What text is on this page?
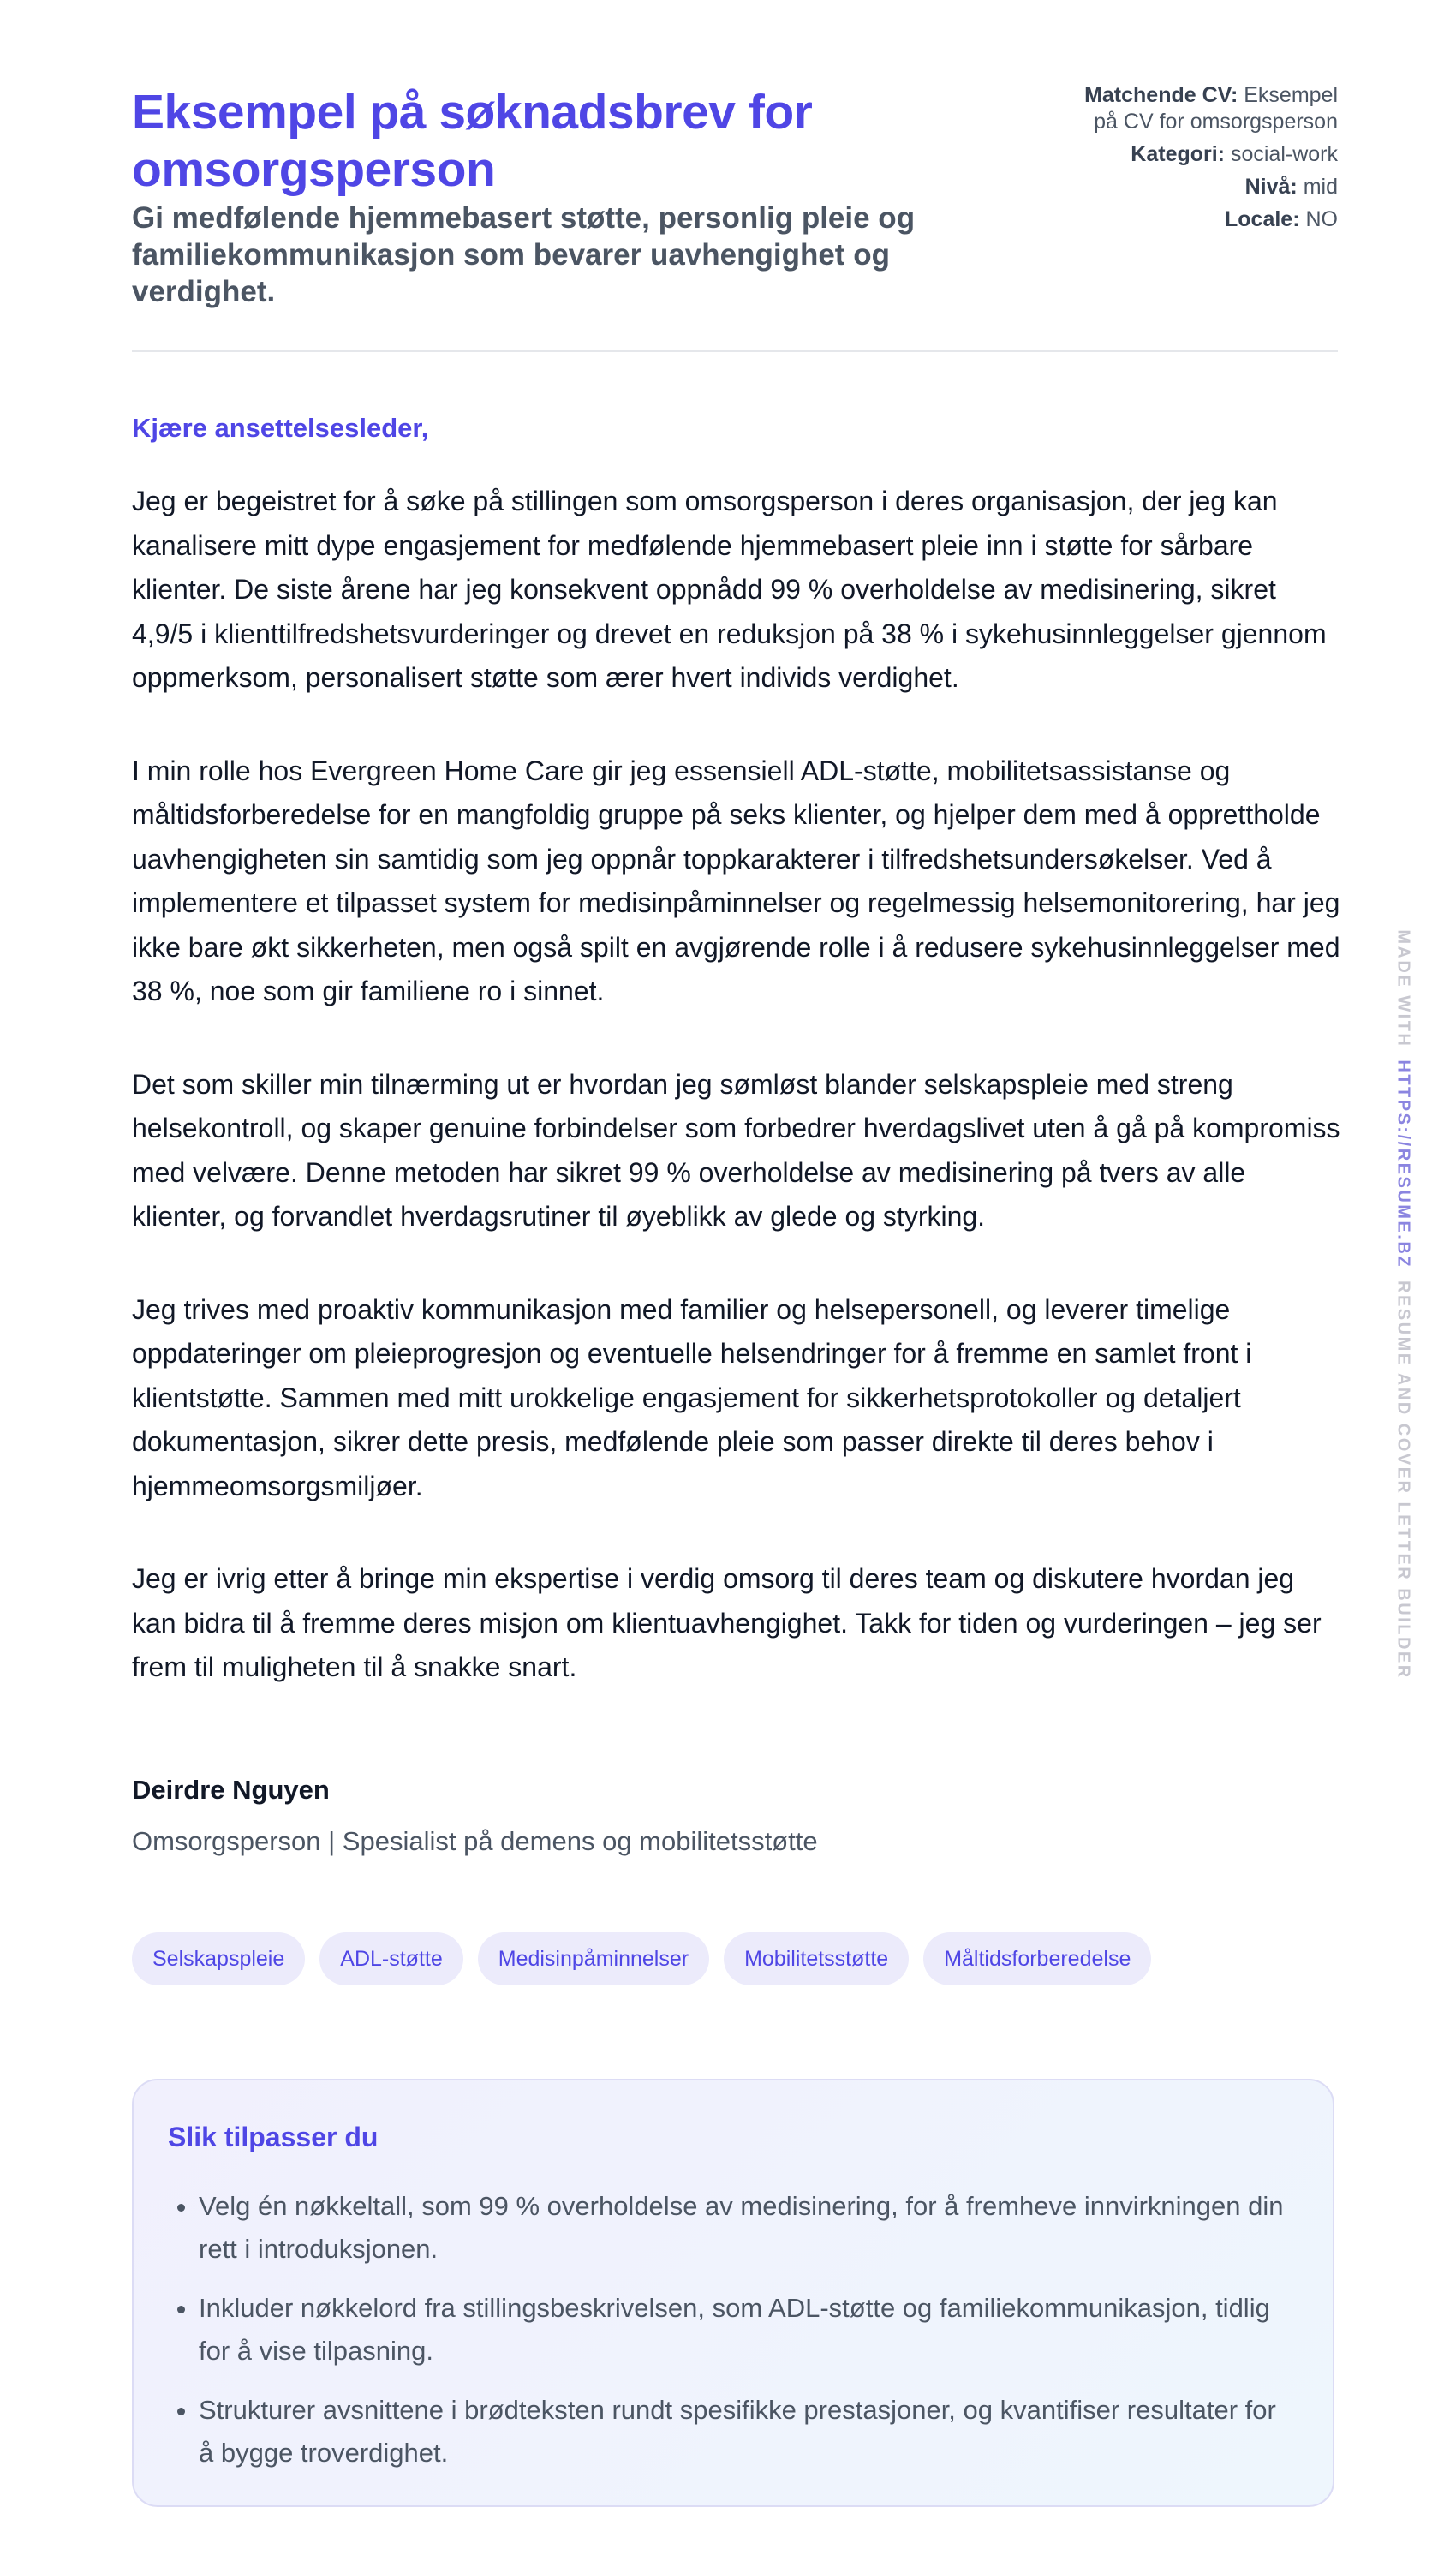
Eksempel på søknadsbrev for omsorgsperson
Gi medfølende hjemmebasert støtte, personlig pleie og familiekommunikasjon som bevarer uavhengighet og verdighet.
Matchende CV: Eksempel på CV for omsorgsperson
Kategori: social-work
Nivå: mid
Locale: NO
Kjære ansettelsesleder,

Jeg er begeistret for å søke på stillingen som omsorgsperson i deres organisasjon, der jeg kan kanalisere mitt dype engasjement for medfølende hjemmebasert pleie inn i støtte for sårbare klienter. De siste årene har jeg konsekvent oppnådd 99 % overholdelse av medisinering, sikret 4,9/5 i klienttilfredshetsvurderinger og drevet en reduksjon på 38 % i sykehusinnleggelser gjennom oppmerksom, personalisert støtte som ærer hvert individs verdighet.

I min rolle hos Evergreen Home Care gir jeg essensiell ADL-støtte, mobilitetsassistanse og måltidsforberedelse for en mangfoldig gruppe på seks klienter, og hjelper dem med å opprettholde uavhengigheten sin samtidig som jeg oppnår toppkarakterer i tilfredshetsundersøkelser. Ved å implementere et tilpasset system for medisinpåminnelser og regelmessig helsemonitorering, har jeg ikke bare økt sikkerheten, men også spilt en avgjørende rolle i å redusere sykehusinnleggelser med 38 %, noe som gir familiene ro i sinnet.

Det som skiller min tilnærming ut er hvordan jeg sømløst blander selskapspleie med streng helsekontroll, og skaper genuine forbindelser som forbedrer hverdagslivet uten å gå på kompromiss med velvære. Denne metoden har sikret 99 % overholdelse av medisinering på tvers av alle klienter, og forvandlet hverdagsrutiner til øyeblikk av glede og styrking.

Jeg trives med proaktiv kommunikasjon med familier og helsepersonell, og leverer timelige oppdateringer om pleieprogresjon og eventuelle helsendringer for å fremme en samlet front i klientstøtte. Sammen med mitt urokkelige engasjement for sikkerhetsprotokoller og detaljert dokumentasjon, sikrer dette presis, medfølende pleie som passer direkte til deres behov i hjemmeomsorgsmiljøer.

Jeg er ivrig etter å bringe min ekspertise i verdig omsorg til deres team og diskutere hvordan jeg kan bidra til å fremme deres misjon om klientuavhengighet. Takk for tiden og vurderingen – jeg ser frem til muligheten til å snakke snart.

Deirdre Nguyen
Omsorgsperson | Spesialist på demens og mobilitetsstøtte
Selskapspleie	ADL-støtte	Medisinpåminnelser	Mobilitetsstøtte	Måltidsforberedelse
Slik tilpasser du
• Velg én nøkkeltall, som 99 % overholdelse av medisinering, for å fremheve innvirkningen din rett i introduksjonen.
• Inkluder nøkkelord fra stillingsbeskrivelsen, som ADL-støtte og familiekommunikasjon, tidlig for å vise tilpasning.
• Strukturer avsnittene i brødteksten rundt spesifikke prestasjoner, og kvantifiser resultater for å bygge troverdighet.
MADE WITHHTTPS://RESUME.BZRESUME AND COVER LETTER BUILDER
